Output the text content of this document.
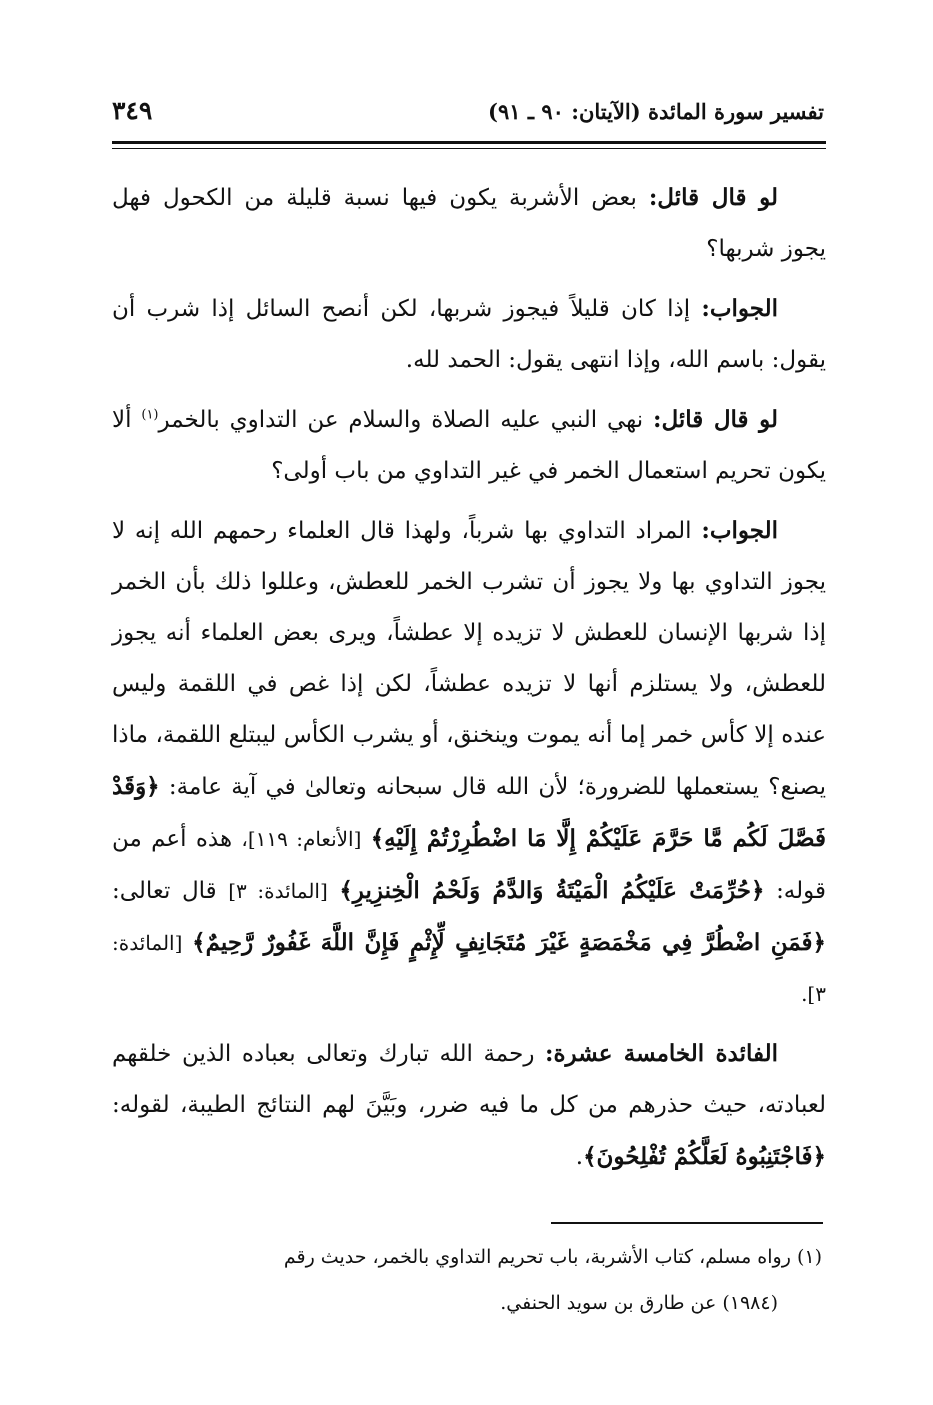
تفسير سورة المائدة (الآيتان: ٩٠ ـ ٩١)
٣٤٩

لو قال قائل: بعض الأشربة يكون فيها نسبة قليلة من الكحول فهل يجوز شربها؟

الجواب: إذا كان قليلاً فيجوز شربها، لكن أنصح السائل إذا شرب أن يقول: باسم الله، وإذا انتهى يقول: الحمد لله.

لو قال قائل: نهي النبي عليه الصلاة والسلام عن التداوي بالخمر$^{(١)}$ ألا يكون تحريم استعمال الخمر في غير التداوي من باب أولى؟

الجواب: المراد التداوي بها شرباً، ولهذا قال العلماء رحمهم الله إنه لا يجوز التداوي بها ولا يجوز أن تشرب الخمر للعطش، وعللوا ذلك بأن الخمر إذا شربها الإنسان للعطش لا تزيده إلا عطشاً، ويرى بعض العلماء أنه يجوز للعطش، ولا يستلزم أنها لا تزيده عطشاً، لكن إذا غص في اللقمة وليس عنده إلا كأس خمر إما أنه يموت وينخنق، أو يشرب الكأس ليبتلع اللقمة، ماذا يصنع؟ يستعملها للضرورة؛ لأن الله قال سبحانه وتعالىٰ في آية عامة: ﴿وَقَدْ فَصَّلَ لَكُم مَّا حَرَّمَ عَلَيْكُمْ إِلَّا مَا اضْطُرِرْتُمْ إِلَيْهِ﴾ [الأنعام: ١١٩]، هذه أعم من قوله: ﴿حُرِّمَتْ عَلَيْكُمُ الْمَيْتَةُ وَالدَّمُ وَلَحْمُ الْخِنزِيرِ﴾ [المائدة: ٣] قال تعالى: ﴿فَمَنِ اضْطُرَّ فِي مَخْمَصَةٍ غَيْرَ مُتَجَانِفٍ لِّإِثْمٍ فَإِنَّ اللَّهَ غَفُورٌ رَّحِيمٌ﴾ [المائدة: ٣].

الفائدة الخامسة عشرة: رحمة الله تبارك وتعالى بعباده الذين خلقهم لعبادته، حيث حذرهم من كل ما فيه ضرر، وبَيَّنَ لهم النتائج الطيبة، لقوله: ﴿فَاجْتَنِبُوهُ لَعَلَّكُمْ تُفْلِحُونَ﴾.

(١) رواه مسلم، كتاب الأشربة، باب تحريم التداوي بالخمر، حديث رقم

(١٩٨٤) عن طارق بن سويد الحنفي.
